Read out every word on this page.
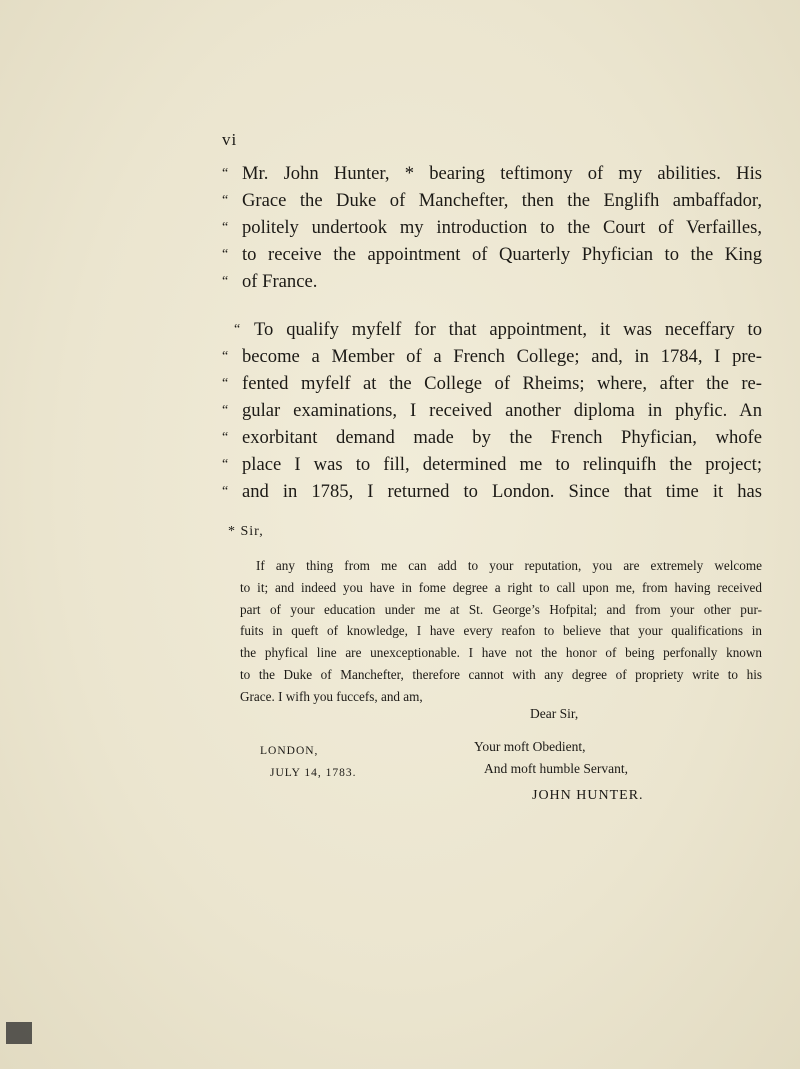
vi
“ Mr. John Hunter, * bearing teftimony of my abilities. His
“ Grace the Duke of Manchefter, then the Englifh ambaffador,
“ politely undertook my introduction to the Court of Verfailles,
“ to receive the appointment of Quarterly Phyfician to the King
“ of France.
“ To qualify myfelf for that appointment, it was neceffary to
“ become a Member of a French College; and, in 1784, I pre-
“ fented myfelf at the College of Rheims; where, after the re-
“ gular examinations, I received another diploma in phyfic. An
“ exorbitant demand made by the French Phyfician, whofe
“ place I was to fill, determined me to relinquifh the project;
“ and in 1785, I returned to London. Since that time it has
* Sir,
If any thing from me can add to your reputation, you are extremely welcome
to it; and indeed you have in fome degree a right to call upon me, from having received
part of your education under me at St. George’s Hofpital; and from your other pur-
fuits in queft of knowledge, I have every reafon to believe that your qualifications in
the phyfical line are unexceptionable. I have not the honor of being perfonally known
to the Duke of Manchefter, therefore cannot with any degree of propriety write to his
Grace. I wifh you fuccefs, and am,
Dear Sir,
LONDON,
JULY 14, 1783.
Your moft Obedient,
And moft humble Servant,
JOHN HUNTER.
